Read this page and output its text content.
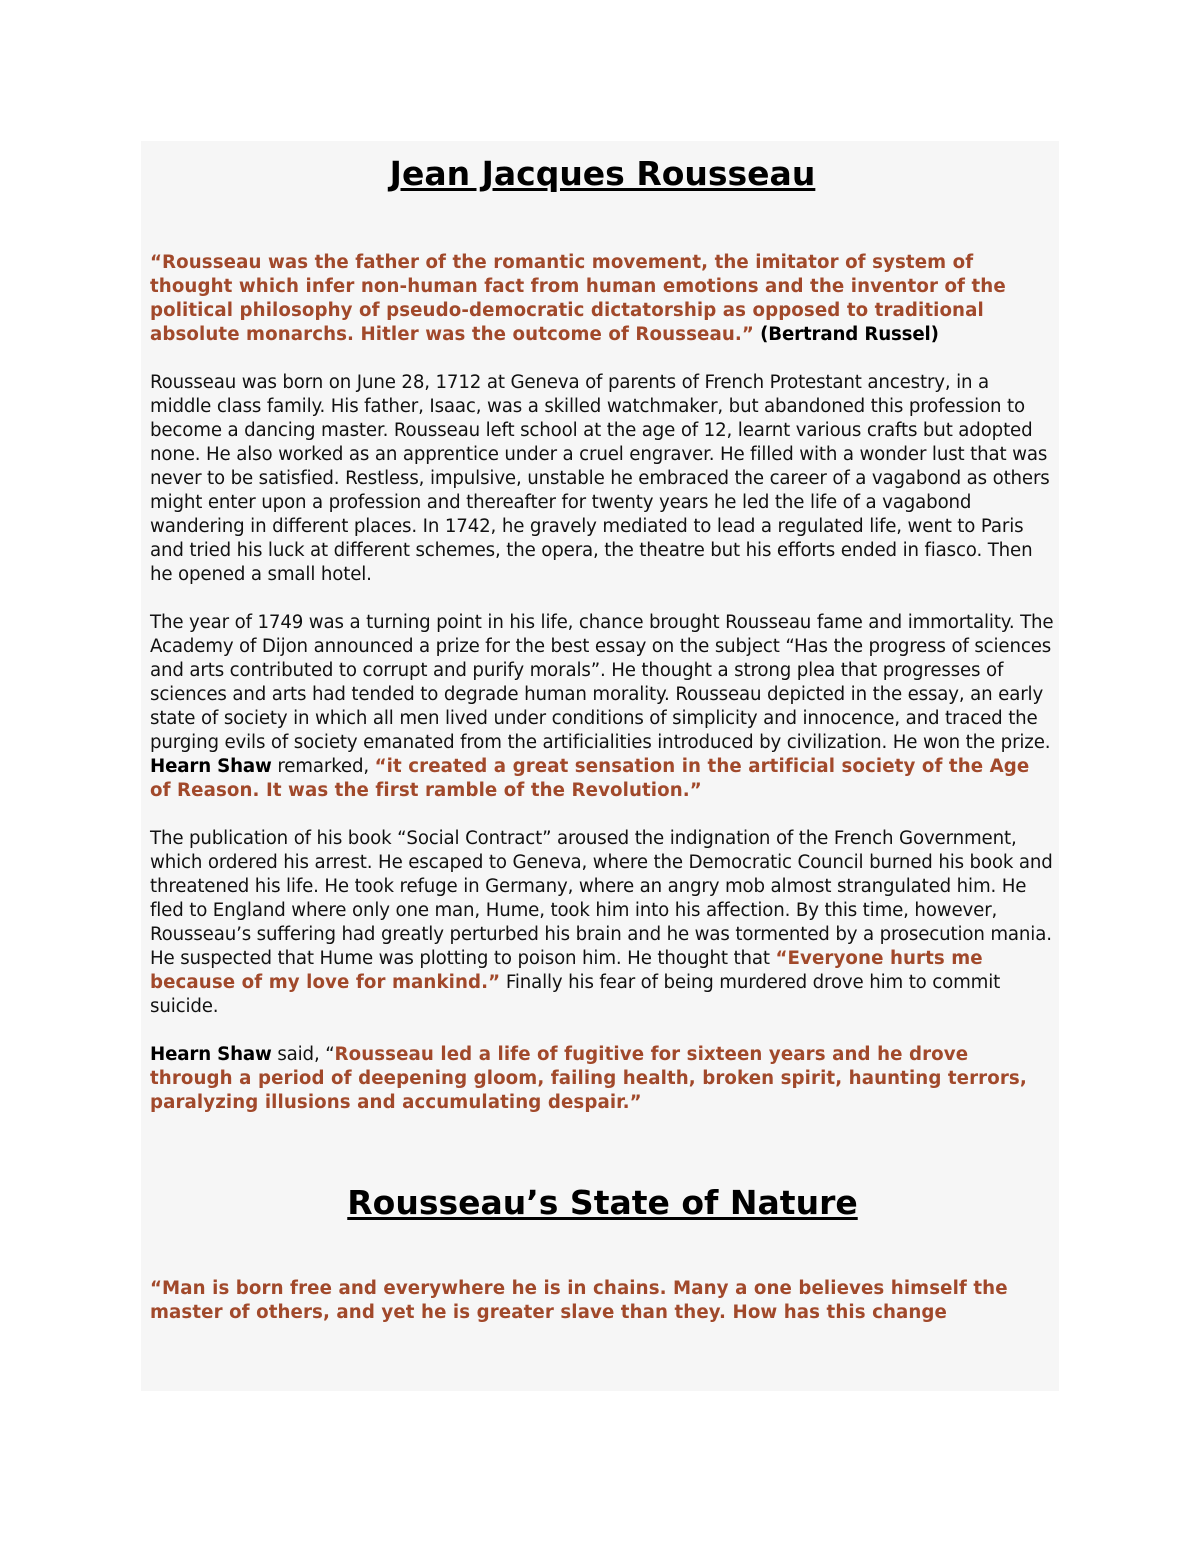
Jean Jacques Rousseau

“Rousseau was the father of the romantic movement, the imitator of system of thought which infer non-human fact from human emotions and the inventor of the political philosophy of pseudo-democratic dictatorship as opposed to traditional absolute monarchs. Hitler was the outcome of Rousseau.” (Bertrand Russel)

Rousseau was born on June 28, 1712 at Geneva of parents of French Protestant ancestry, in a middle class family. His father, Isaac, was a skilled watchmaker, but abandoned this profession to become a dancing master. Rousseau left school at the age of 12, learnt various crafts but adopted none. He also worked as an apprentice under a cruel engraver. He filled with a wonder lust that was never to be satisfied. Restless, impulsive, unstable he embraced the career of a vagabond as others might enter upon a profession and thereafter for twenty years he led the life of a vagabond wandering in different places. In 1742, he gravely mediated to lead a regulated life, went to Paris and tried his luck at different schemes, the opera, the theatre but his efforts ended in fiasco. Then he opened a small hotel.

The year of 1749 was a turning point in his life, chance brought Rousseau fame and immortality. The Academy of Dijon announced a prize for the best essay on the subject “Has the progress of sciences and arts contributed to corrupt and purify morals”. He thought a strong plea that progresses of sciences and arts had tended to degrade human morality. Rousseau depicted in the essay, an early state of society in which all men lived under conditions of simplicity and innocence, and traced the purging evils of society emanated from the artificialities introduced by civilization. He won the prize. Hearn Shaw remarked, “it created a great sensation in the artificial society of the Age of Reason. It was the first ramble of the Revolution.”

The publication of his book “Social Contract” aroused the indignation of the French Government, which ordered his arrest. He escaped to Geneva, where the Democratic Council burned his book and threatened his life. He took refuge in Germany, where an angry mob almost strangulated him. He fled to England where only one man, Hume, took him into his affection. By this time, however, Rousseau’s suffering had greatly perturbed his brain and he was tormented by a prosecution mania. He suspected that Hume was plotting to poison him. He thought that “Everyone hurts me because of my love for mankind.” Finally his fear of being murdered drove him to commit suicide.

Hearn Shaw said, “Rousseau led a life of fugitive for sixteen years and he drove through a period of deepening gloom, failing health, broken spirit, haunting terrors, paralyzing illusions and accumulating despair.”

Rousseau’s State of Nature

“Man is born free and everywhere he is in chains. Many a one believes himself the master of others, and yet he is greater slave than they. How has this change
